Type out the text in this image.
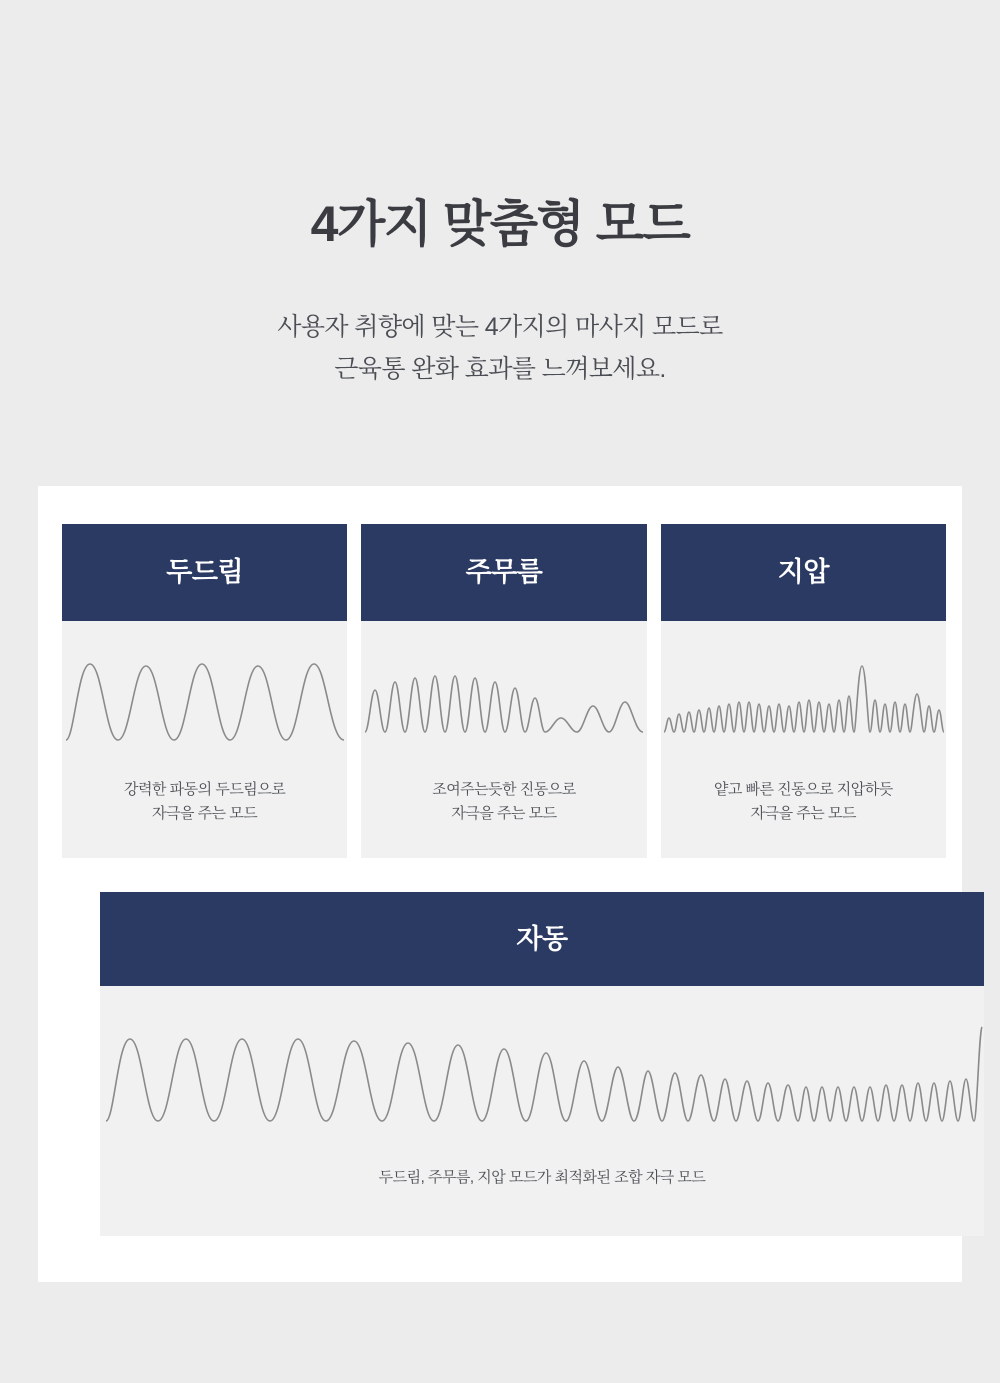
4가지 맞춤형 모드
사용자 취향에 맞는 4가지의 마사지 모드로
근육통 완화 효과를 느껴보세요.
두드림
강력한 파동의 두드림으로
자극을 주는 모드
주무름
조여주는듯한 진동으로
자극을 주는 모드
지압
얕고 빠른 진동으로 지압하듯
자극을 주는 모드
자동
두드림, 주무름, 지압 모드가 최적화된 조합 자극 모드
